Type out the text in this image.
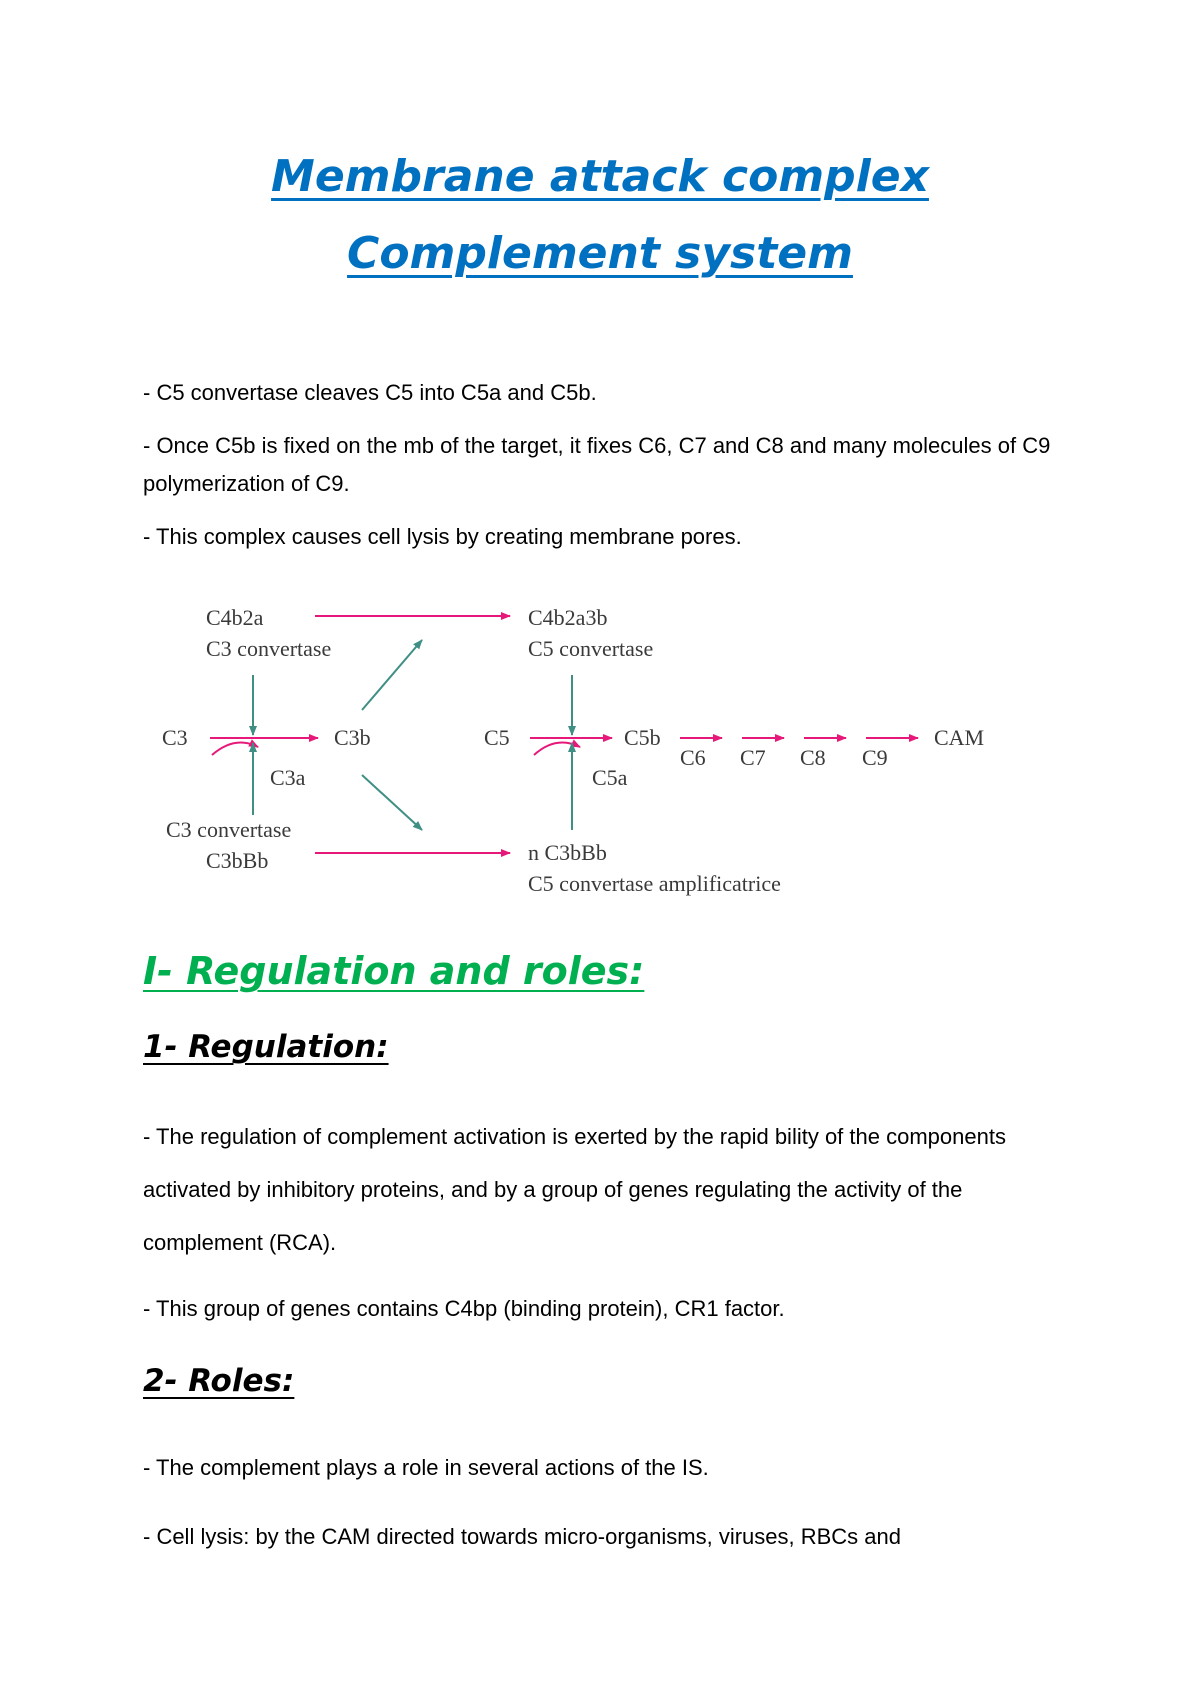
Membrane attack complex
Complement system

- C5 convertase cleaves C5 into C5a and C5b.

- Once C5b is fixed on the mb of the target, it fixes C6, C7 and C8 and many molecules of C9 polymerization of C9.

- This complex causes cell lysis by creating membrane pores.

C4b2a
C3 convertase
C4b2a3b
C5 convertase
C3	C3b
C3a
C5	C5b
C5a
C6 C7 C8 C9
CAM
C3 convertase
C3bBb	n C3bBb
C5 convertase amplificatrice
I- Regulation and roles:
1- Regulation:

- The regulation of complement activation is exerted by the rapid bility of the components activated by inhibitory proteins, and by a group of genes regulating the activity of the complement (RCA).

- This group of genes contains C4bp (binding protein), CR1 factor.

2- Roles:

- The complement plays a role in several actions of the IS.

- Cell lysis: by the CAM directed towards micro-organisms, viruses, RBCs and
